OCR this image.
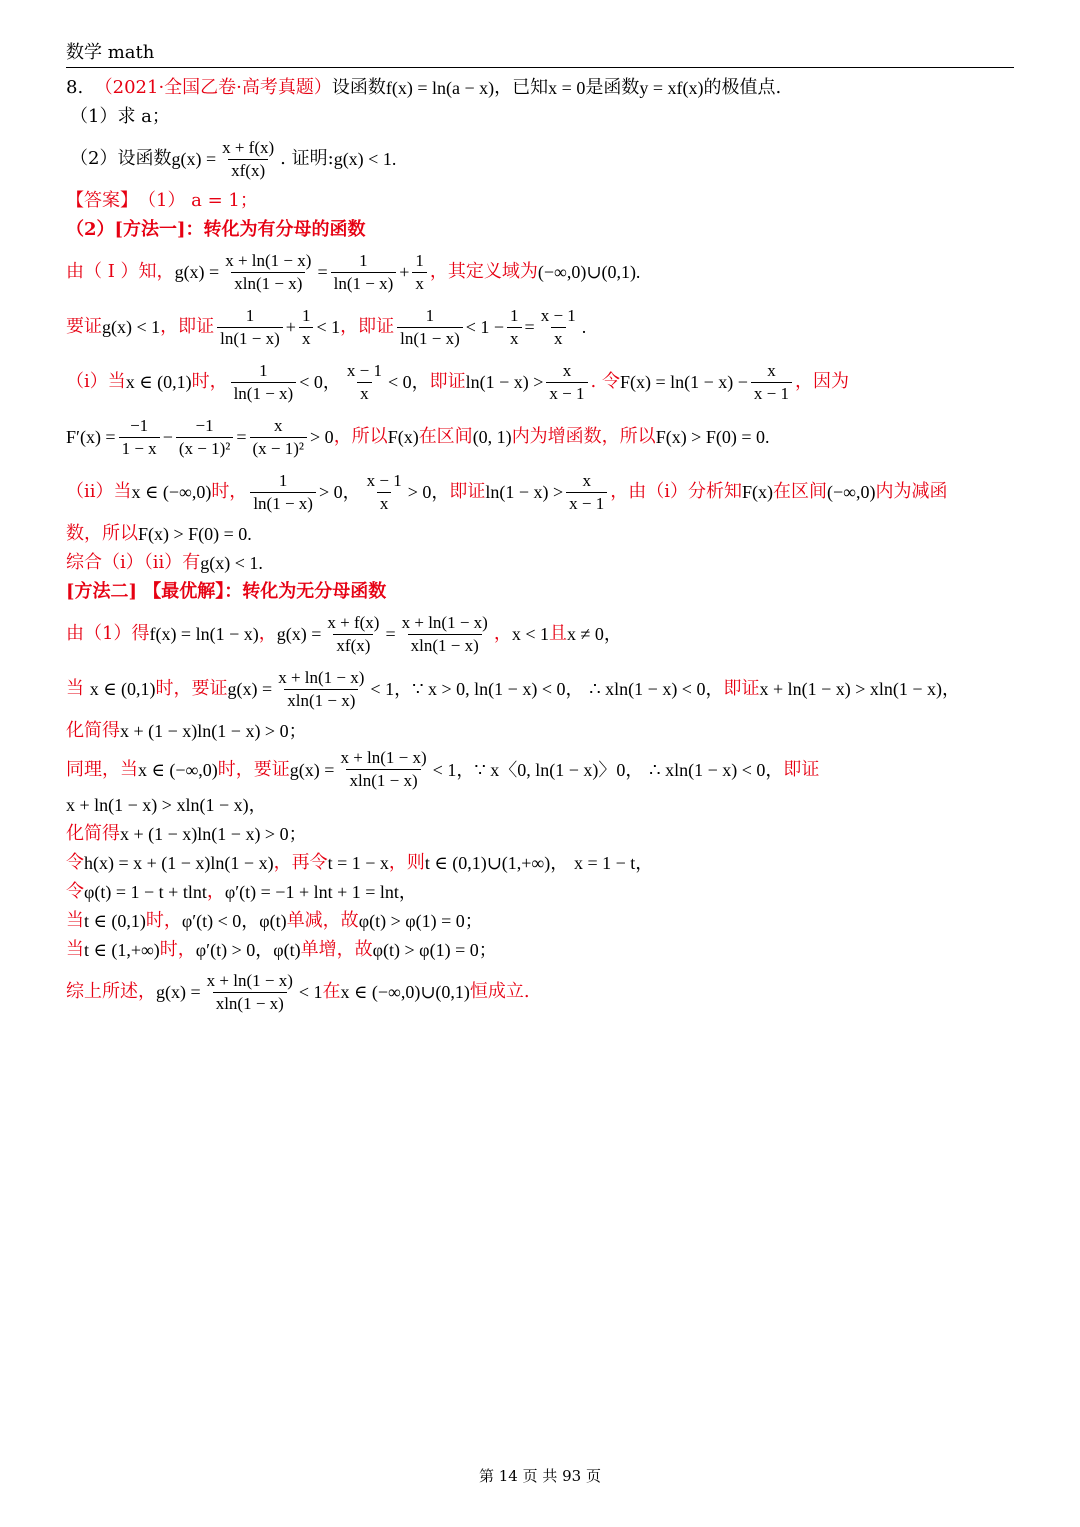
数学 math
8.
（2021·全国乙卷·高考真题） 设函数 f(x) = ln(a − x) ，已知 x = 0 是函数 y = xf(x) 的极值点.
（1）求 a；
（2）设函数 $g(x) = \frac{x + f(x)}{xf(x)}$ . 证明: g(x) < 1.
【答案】 （1） a = 1；
（2）[方法一]：转化为有分母的函数
由（ Ⅰ ）知， $g(x) = \frac{x + \ln(1 - x)}{xln(1 - x)} = \frac{1}{\ln(1 - x)} + \frac{1}{x}$ ，其定义域为 (−∞,0)∪(0,1).
要证 g(x) < 1 ，即证 $\frac{1}{\ln(1 - x)} + \frac{1}{x} < 1$ ，即证 $\frac{1}{\ln(1 - x)} < 1 - \frac{1}{x} = \frac{x - 1}{x}$ .
（ⅰ）当 x ∈ (0,1) 时， $\frac{1}{\ln(1 - x)} < 0$， $\frac{x - 1}{x} < 0$， 即证 $\ln(1 - x) > \frac{x}{x - 1}$ . 令 $F(x) = \ln(1 - x) - \frac{x}{x - 1}$ ，因为
$F'(x) = \frac{-1}{1 - x} - \frac{-1}{\text{(x − 1)²}} = \frac{x}{\text{(x − 1)²}} > 0$ ，所以 F(x) 在区间 (0, 1) 内为增函数，所以 F(x) > F(0) = 0.
（ⅱ）当 x ∈ (−∞,0) 时， $\frac{1}{\ln(1 - x)} > 0$， $\frac{x - 1}{x} > 0$， 即证 $\ln(1 - x) > \frac{x}{x - 1}$ ，由（ⅰ）分析知 F(x) 在区间 (−∞,0) 内为减函
数，所以 F(x) > F(0) = 0.
综合（ⅰ）（ⅱ）有 g(x) < 1.
[方法二] 【最优解】：转化为无分母函数
由（1）得 f(x) = ln(1 − x) ， $g(x) = \frac{x + f(x)}{xf(x)} = \frac{x + \ln(1 - x)}{xln(1 - x)}$ ， x < 1 且 x ≠ 0，
当
x ∈ (0,1) 时，要证 $g(x) = \frac{x + \ln(1 - x)}{xln(1 - x)} < 1$， ∵ x > 0, ln(1 − x) < 0，
∴ xln(1 − x) < 0， 即证 x + ln(1 − x) > xln(1 − x)，
化简得 x + (1 − x)ln(1 − x) > 0；
同理，当 x ∈ (−∞,0) 时，要证 $g(x) = \frac{x + \ln(1 - x)}{xln(1 - x)} < 1$， ∵ x〈0, ln(1 − x)〉0，
∴ xln(1 − x) < 0， 即证
x + ln(1 − x) > xln(1 − x)，
化简得 x + (1 − x)ln(1 − x) > 0；
令 h(x) = x + (1 − x)ln(1 − x) ，再令 t = 1 − x ，则 t ∈ (0,1)∪(1,+∞)，
x = 1 − t，
令 φ(t) = 1 − t + tlnt ， φ′(t) = −1 + lnt + 1 = lnt，
当 t ∈ (0,1) 时， φ′(t) < 0， φ(t) 单减，故 φ(t) > φ(1) = 0；
当 t ∈ (1,+∞) 时， φ′(t) > 0， φ(t) 单增，故 φ(t) > φ(1) = 0；
综上所述， $g(x) = \frac{x + \ln(1 - x)}{xln(1 - x)} < 1$ 在 x ∈ (−∞,0)∪(0,1) 恒成立.
第 14 页 共 93 页
